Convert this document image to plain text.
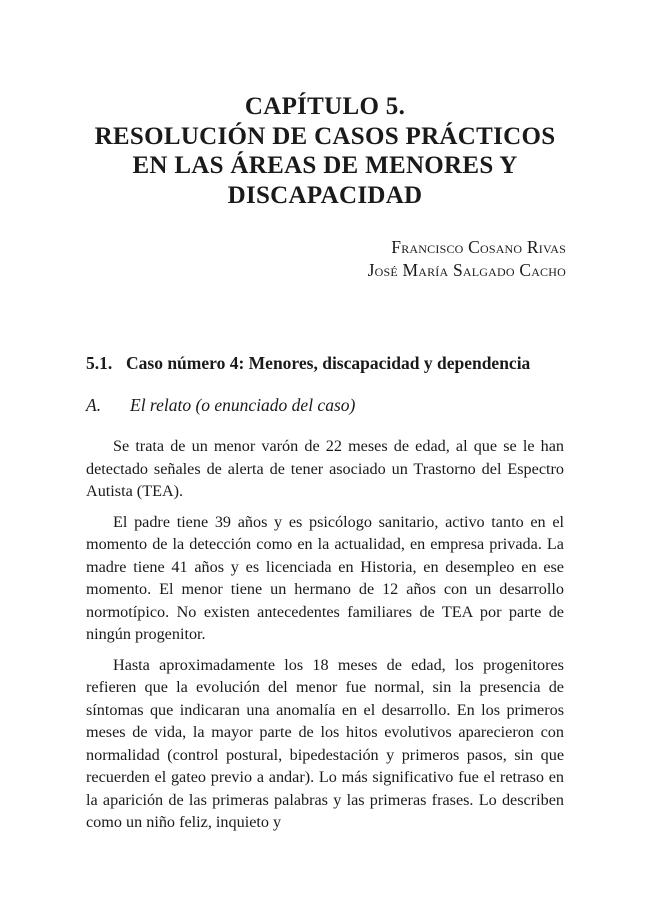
CAPÍTULO 5.
RESOLUCIÓN DE CASOS PRÁCTICOS
EN LAS ÁREAS DE MENORES Y
DISCAPACIDAD
Francisco Cosano Rivas
José María Salgado Cacho
5.1. Caso número 4: Menores, discapacidad y dependencia
A. El relato (o enunciado del caso)

Se trata de un menor varón de 22 meses de edad, al que se le han detectado señales de alerta de tener asociado un Trastorno del Espectro Autista (TEA).

El padre tiene 39 años y es psicólogo sanitario, activo tanto en el momento de la detección como en la actualidad, en empresa privada. La madre tiene 41 años y es licenciada en Historia, en desempleo en ese momento. El menor tiene un hermano de 12 años con un desarrollo normotípico. No existen antecedentes familiares de TEA por parte de ningún progenitor.

Hasta aproximadamente los 18 meses de edad, los progenitores refieren que la evolución del menor fue normal, sin la presencia de síntomas que indicaran una anomalía en el desarrollo. En los primeros meses de vida, la mayor parte de los hitos evolutivos aparecieron con normalidad (control postural, bipedestación y primeros pasos, sin que recuerden el gateo previo a andar). Lo más significativo fue el retraso en la aparición de las primeras palabras y las primeras frases. Lo describen como un niño feliz, inquieto y
